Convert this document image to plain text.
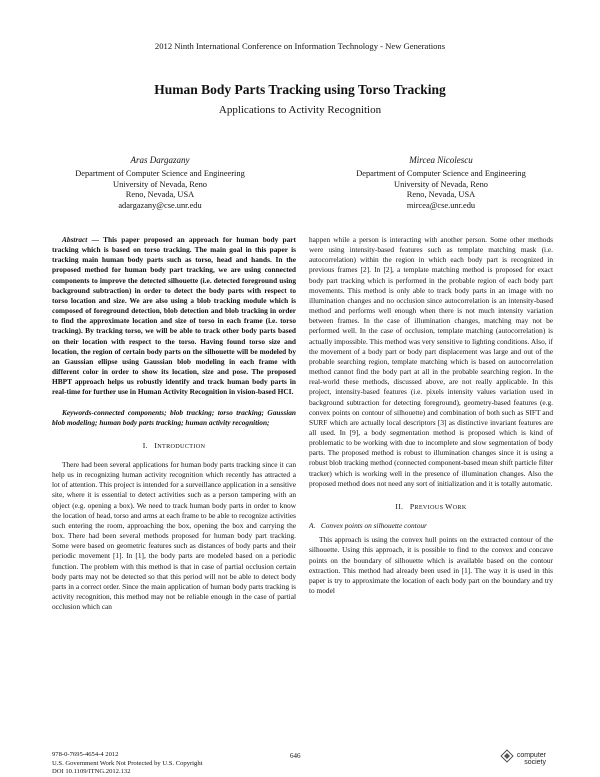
2012 Ninth International Conference on Information Technology - New Generations
Human Body Parts Tracking using Torso Tracking
Applications to Activity Recognition
Aras Dargazany
Department of Computer Science and Engineering
University of Nevada, Reno
Reno, Nevada, USA
adargazany@cse.unr.edu
Mircea Nicolescu
Department of Computer Science and Engineering
University of Nevada, Reno
Reno, Nevada, USA
mircea@cse.unr.edu

Abstract — This paper proposed an approach for human body part tracking which is based on torso tracking. The main goal in this paper is tracking main human body parts such as torso, head and hands. In the proposed method for human body part tracking, we are using connected components to improve the detected silhouette (i.e. detected foreground using background subtraction) in order to detect the body parts with respect to torso location and size. We are also using a blob tracking module which is composed of foreground detection, blob detection and blob tracking in order to find the approximate location and size of torso in each frame (i.e. torso tracking). By tracking torso, we will be able to track other body parts based on their location with respect to the torso. Having found torso size and location, the region of certain body parts on the silhouette will be modeled by an Gaussian ellipse using Gaussian blob modeling in each frame with different color in order to show its location, size and pose. The proposed HBPT approach helps us robustly identify and track human body parts in real-time for further use in Human Activity Recognition in vision-based HCI.

Keywords-connected components; blob tracking; torso tracking; Gaussian blob modeling; human body parts tracking; human activity recognition;

I. INTRODUCTION

There had been several applications for human body parts tracking since it can help us in recognizing human activity recognition which recently has attracted a lot of attention. This project is intended for a surveillance application in a sensitive site, where it is essential to detect activities such as a person tampering with an object (e.g. opening a box). We need to track human body parts in order to know the location of head, torso and arms at each frame to be able to recognize activities such entering the room, approaching the box, opening the box and carrying the box. There had been several methods proposed for human body part tracking. Some were based on geometric features such as distances of body parts and their periodic movement [1]. In [1], the body parts are modeled based on a periodic function. The problem with this method is that in case of partial occlusion certain body parts may not be detected so that this period will not be able to detect body parts in a correct order. Since the main application of human body parts tracking is activity recognition, this method may not be reliable enough in the case of partial occlusion which can

happen while a person is interacting with another person. Some other methods were using intensity-based features such as template matching mask (i.e. autocorrelation) within the region in which each body part is recognized in previous frames [2]. In [2], a template matching method is proposed for exact body part tracking which is performed in the probable region of each body part movements. This method is only able to track body parts in an image with no illumination changes and no occlusion since autocorrelation is an intensity-based method and performs well enough when there is not much intensity variation between frames. In the case of illumination changes, matching may not be performed well. In the case of occlusion, template matching (autocorrelation) is actually impossible. This method was very sensitive to lighting conditions. Also, if the movement of a body part or body part displacement was large and out of the probable searching region, template matching which is based on autocorrelation method cannot find the body part at all in the probable searching region. In the real-world these methods, discussed above, are not really applicable. In this project, intensity-based features (i.e. pixels intensity values variation used in background subtraction for detecting foreground), geometry-based features (e.g. convex points on contour of silhouette) and combination of both such as SIFT and SURF which are actually local descriptors [3] as distinctive invariant features are all used. In [9], a body segmentation method is proposed which is kind of problematic to be working with due to incomplete and slow segmentation of body parts. The proposed method is robust to illumination changes since it is using a robust blob tracking method (connected component-based mean shift particle filter tracker) which is working well in the presence of illumination changes. Also the proposed method does not need any sort of initialization and it is totally automatic.

II. PREVIOUS WORK

A. Convex points on silhouette contour

This approach is using the convex hull points on the extracted contour of the silhouette. Using this approach, it is possible to find to the convex and concave points on the boundary of silhouette which is available based on the contour extraction. This method had already been used in [1]. The way it is used in this paper is try to approximate the location of each body part on the boundary and try to model

978-0-7695-4654-4 2012
U.S. Government Work Not Protected by U.S. Copyright
DOI 10.1109/ITNG.2012.132
646	computer
society
